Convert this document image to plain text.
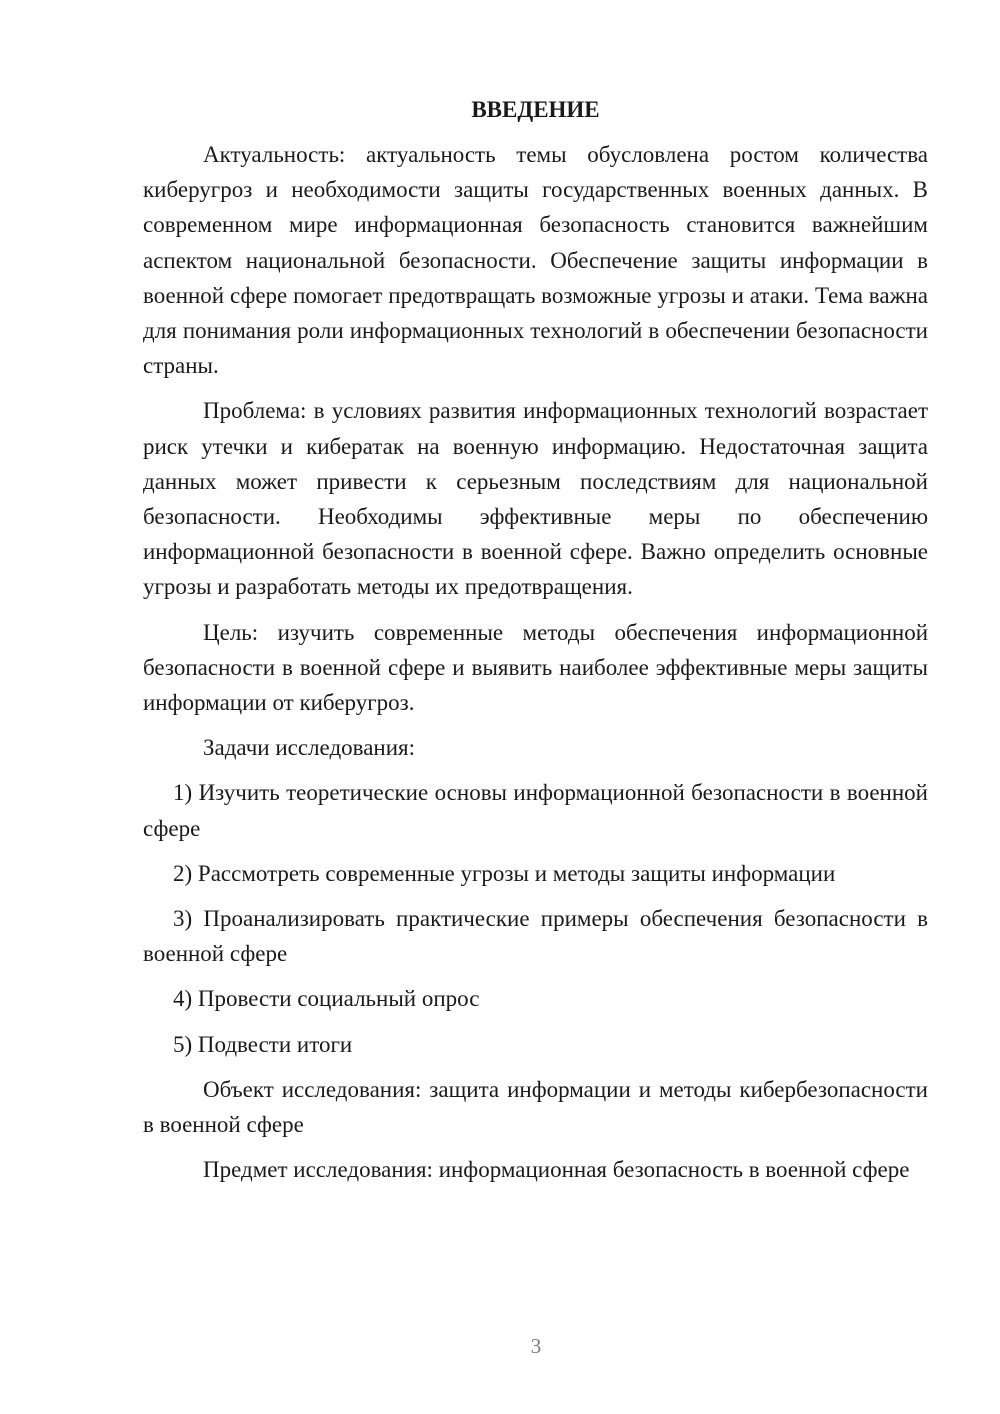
ВВЕДЕНИЕ
Актуальность: актуальность темы обусловлена ростом количества киберугроз и необходимости защиты государственных военных данных. В современном мире информационная безопасность становится важнейшим аспектом национальной безопасности. Обеспечение защиты информации в военной сфере помогает предотвращать возможные угрозы и атаки. Тема важна для понимания роли информационных технологий в обеспечении безопасности страны.
Проблема: в условиях развития информационных технологий возрастает риск утечки и кибератак на военную информацию. Недостаточная защита данных может привести к серьезным последствиям для национальной безопасности. Необходимы эффективные меры по обеспечению информационной безопасности в военной сфере. Важно определить основные угрозы и разработать методы их предотвращения.
Цель: изучить современные методы обеспечения информационной безопасности в военной сфере и выявить наиболее эффективные меры защиты информации от киберугроз.
Задачи исследования:
1) Изучить теоретические основы информационной безопасности в военной сфере
2) Рассмотреть современные угрозы и методы защиты информации
3) Проанализировать практические примеры обеспечения безопасности в военной сфере
4) Провести социальный опрос
5) Подвести итоги
Объект исследования: защита информации и методы кибербезопасности в военной сфере
Предмет исследования: информационная безопасность в военной сфере
3
